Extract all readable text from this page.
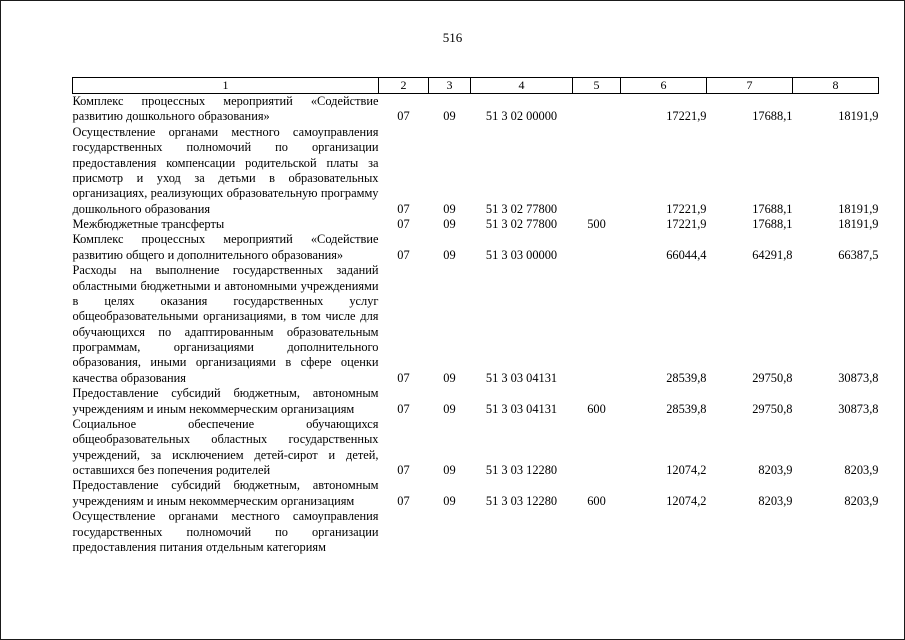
516
1	2	3	4	5	6	7	8
Комплекс процессных мероприятий «Содействие развитию дошкольного образования»	07	09	51 3 02 00000		17221,9	17688,1	18191,9
Осуществление органами местного самоуправления государственных полномочий по организации предоставления компенсации родительской платы за присмотр и уход за детьми в образовательных организациях, реализующих образовательную программу дошкольного образования	07	09	51 3 02 77800		17221,9	17688,1	18191,9
Межбюджетные трансферты	07	09	51 3 02 77800	500	17221,9	17688,1	18191,9
Комплекс процессных мероприятий «Содействие развитию общего и дополнительного образования»	07	09	51 3 03 00000		66044,4	64291,8	66387,5
Расходы на выполнение государственных заданий областными бюджетными и автономными учреждениями в целях оказания государственных услуг общеобразовательными организациями, в том числе для обучающихся по адаптированным образовательным программам, организациями дополнительного образования, иными организациями в сфере оценки качества образования	07	09	51 3 03 04131		28539,8	29750,8	30873,8
Предоставление субсидий бюджетным, автономным учреждениям и иным некоммерческим организациям	07	09	51 3 03 04131	600	28539,8	29750,8	30873,8
Социальное обеспечение обучающихся общеобразовательных областных государственных учреждений, за исключением детей-сирот и детей, оставшихся без попечения родителей	07	09	51 3 03 12280		12074,2	8203,9	8203,9
Предоставление субсидий бюджетным, автономным учреждениям и иным некоммерческим организациям	07	09	51 3 03 12280	600	12074,2	8203,9	8203,9
Осуществление органами местного самоуправления государственных полномочий по организации предоставления питания отдельным категориям							
